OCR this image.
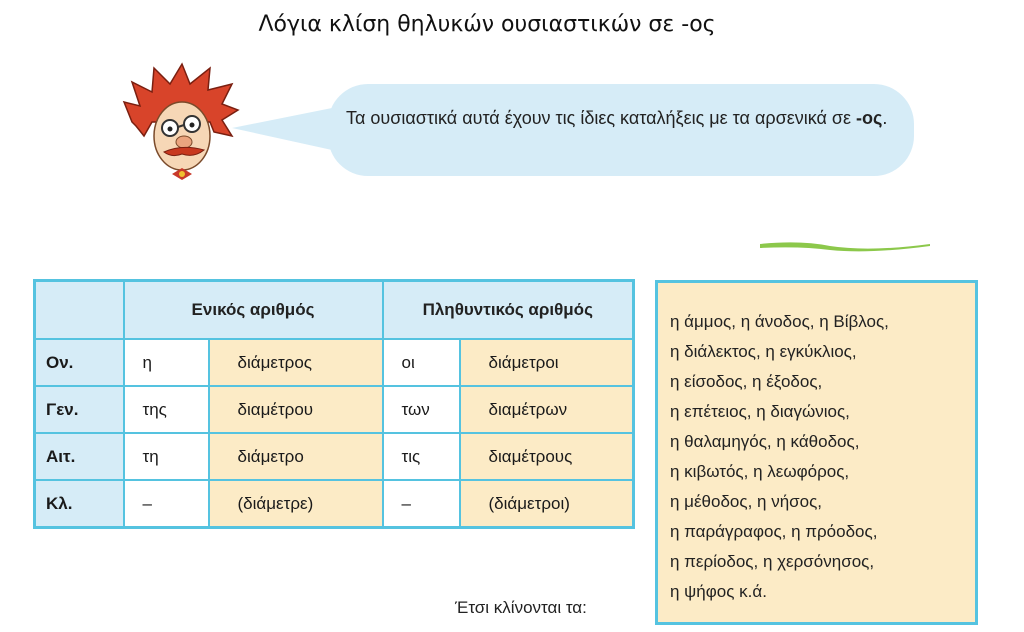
Λόγια κλίση θηλυκών ουσιαστικών σε -ος
Τα ουσιαστικά αυτά έχουν τις ίδιες καταλήξεις με τα αρσενικά σε -ος.
	Ενικός αριθμός		Πληθυντικός αριθμός	
Ον.	η	διάμετρος	οι	διάμετροι
Γεν.	της	διαμέτρου	των	διαμέτρων
Αιτ.	τη	διάμετρο	τις	διαμέτρους
Κλ.	–	(διάμετρε)	–	(διάμετροι)
η άμμος, η άνοδος, η Βίβλος,
η διάλεκτος, η εγκύκλιος,
η είσοδος, η έξοδος,
η επέτειος, η διαγώνιος,
η θαλαμηγός, η κάθοδος,
η κιβωτός, η λεωφόρος,
η μέθοδος, η νήσος,
η παράγραφος, η πρόοδος,
η περίοδος, η χερσόνησος,
η ψήφος κ.ά.
Έτσι κλίνονται τα:
